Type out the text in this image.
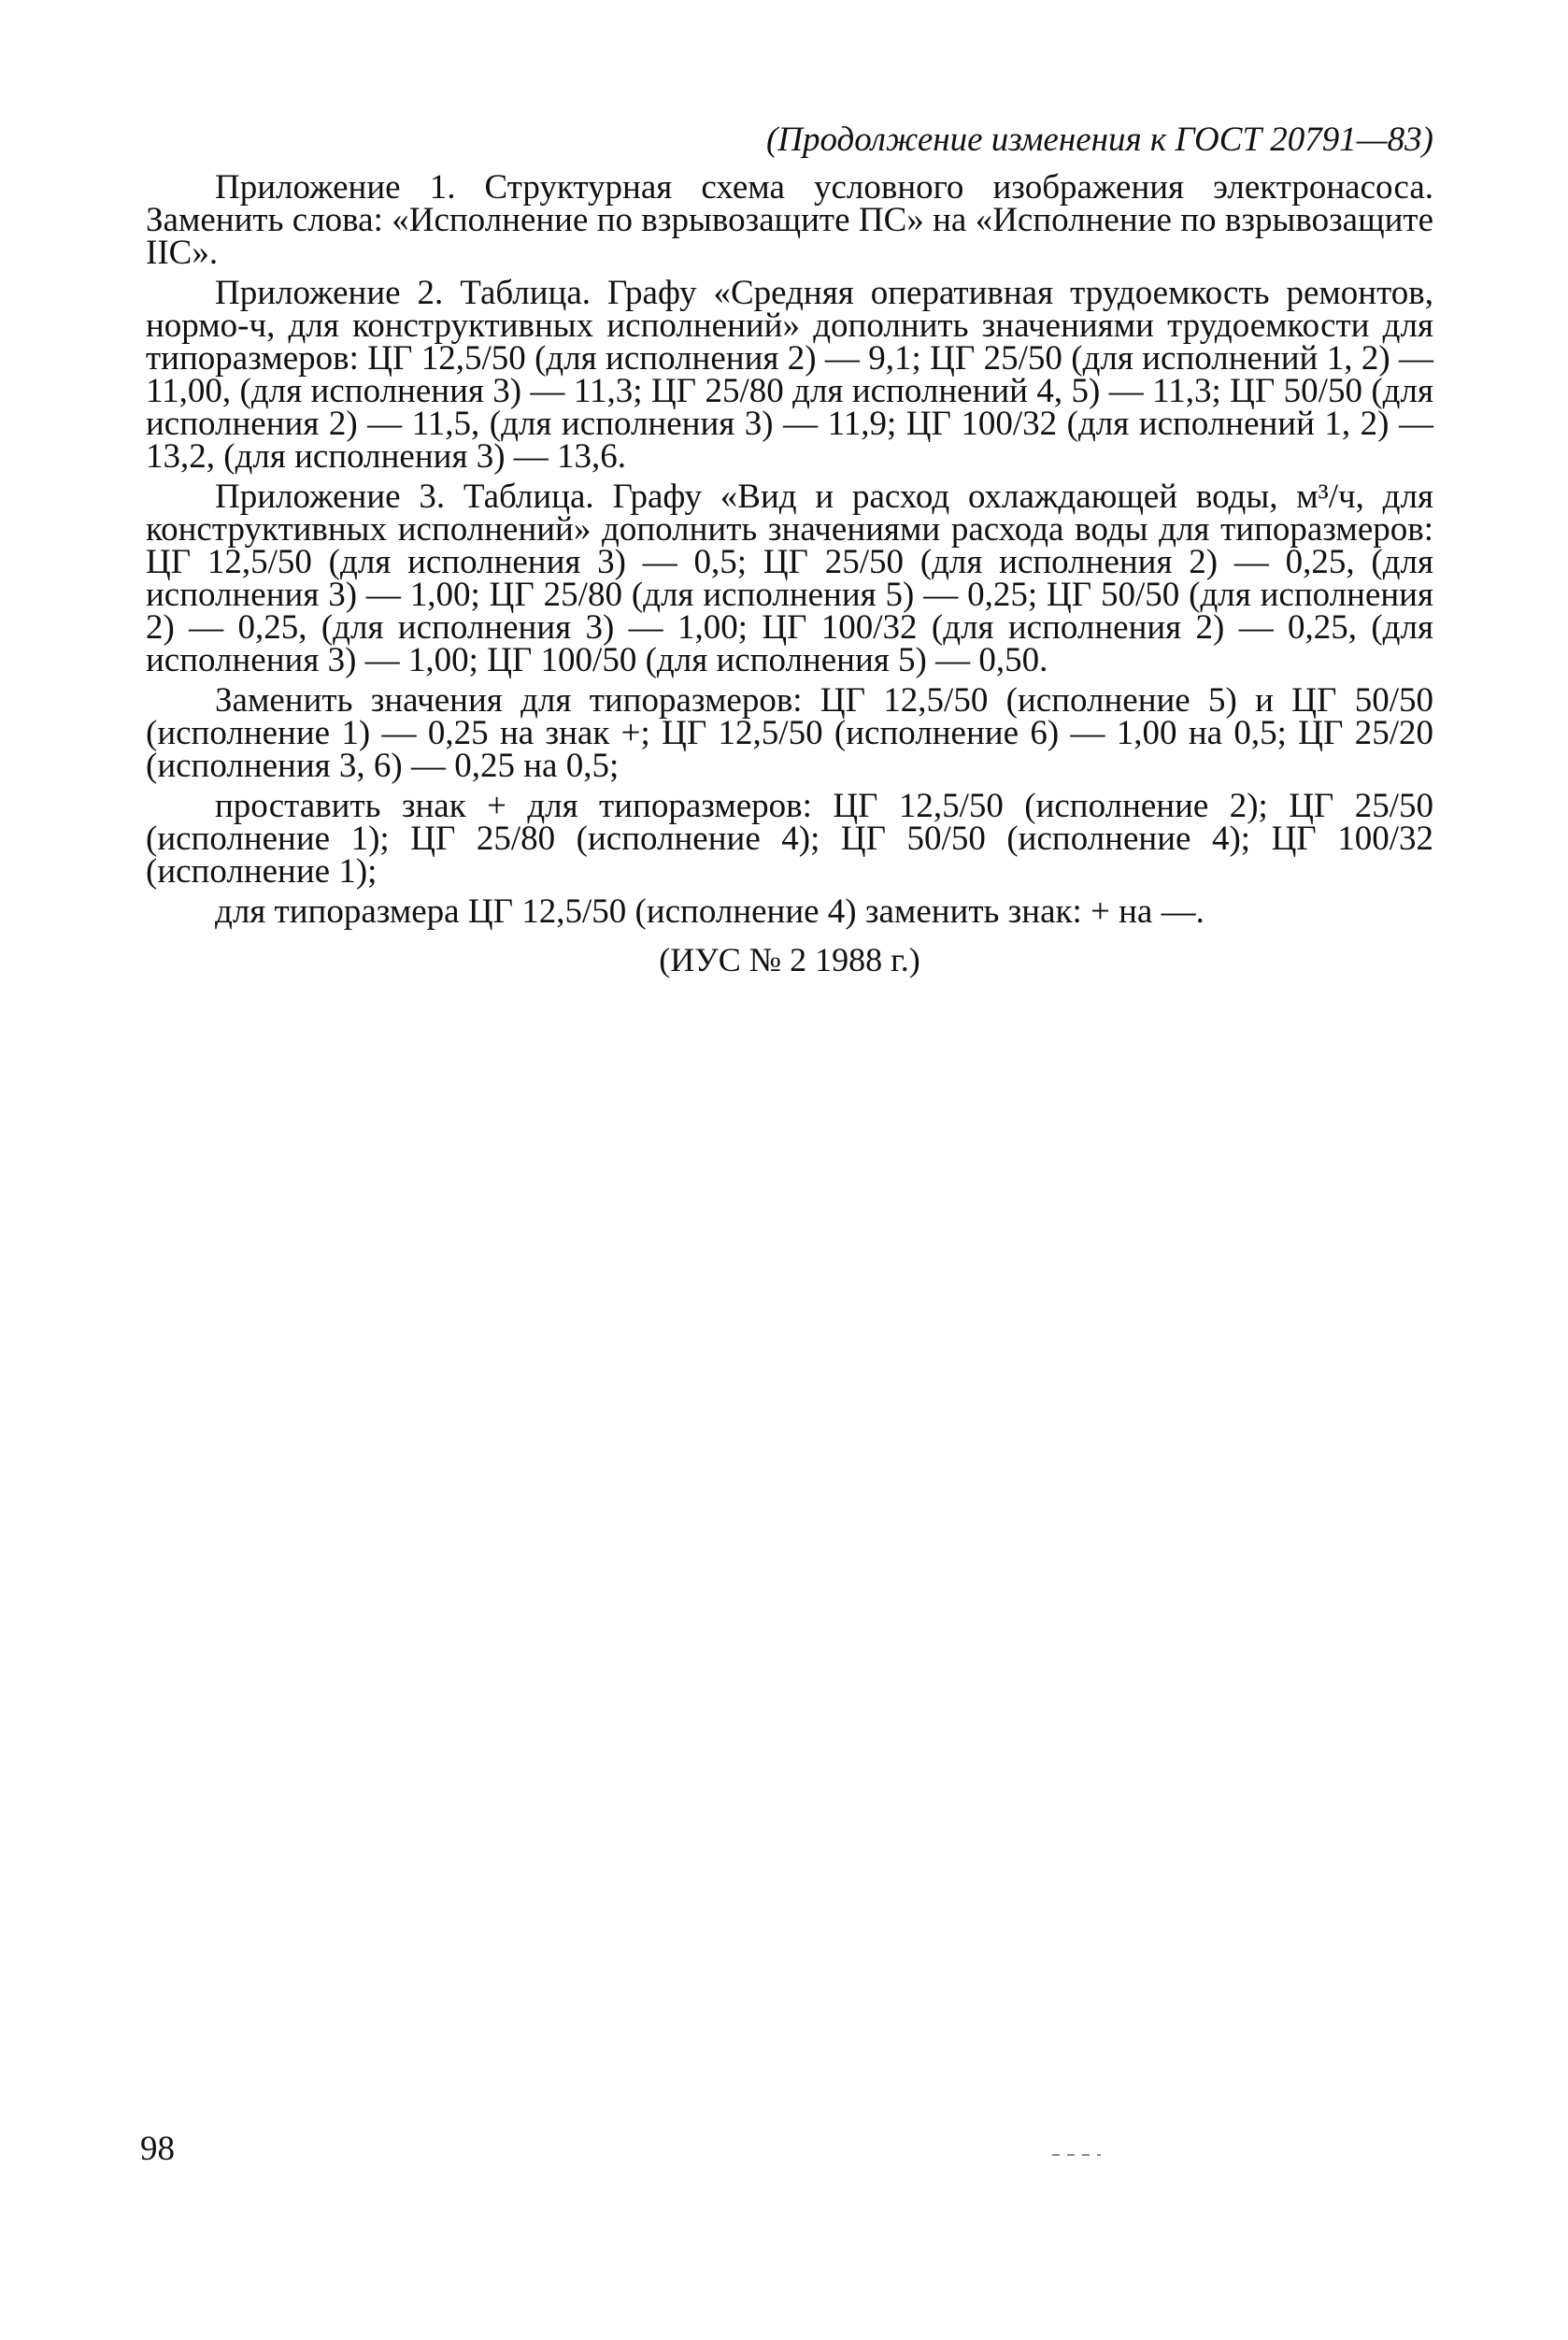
(Продолжение изменения к ГОСТ 20791—83)

Приложение 1. Структурная схема условного изображения электронасоса. Заменить слова: «Исполнение по взрывозащите ПС» на «Исполнение по взрывозащите IIC».

Приложение 2. Таблица. Графу «Средняя оперативная трудоемкость ремонтов, нормо-ч, для конструктивных исполнений» дополнить значениями трудоемкости для типоразмеров: ЦГ 12,5/50 (для исполнения 2) — 9,1; ЦГ 25/50 (для исполнений 1, 2) — 11,00, (для исполнения 3) — 11,3; ЦГ 25/80 для исполнений 4, 5) — 11,3; ЦГ 50/50 (для исполнения 2) — 11,5, (для исполнения 3) — 11,9; ЦГ 100/32 (для исполнений 1, 2) — 13,2, (для исполнения 3) — 13,6.

Приложение 3. Таблица. Графу «Вид и расход охлаждающей воды, м³/ч, для конструктивных исполнений» дополнить значениями расхода воды для типоразмеров: ЦГ 12,5/50 (для исполнения 3) — 0,5; ЦГ 25/50 (для исполнения 2) — 0,25, (для исполнения 3) — 1,00; ЦГ 25/80 (для исполнения 5) — 0,25; ЦГ 50/50 (для исполнения 2) — 0,25, (для исполнения 3) — 1,00; ЦГ 100/32 (для исполнения 2) — 0,25, (для исполнения 3) — 1,00; ЦГ 100/50 (для исполнения 5) — 0,50.

Заменить значения для типоразмеров: ЦГ 12,5/50 (исполнение 5) и ЦГ 50/50 (исполнение 1) — 0,25 на знак +; ЦГ 12,5/50 (исполнение 6) — 1,00 на 0,5; ЦГ 25/20 (исполнения 3, 6) — 0,25 на 0,5;

проставить знак + для типоразмеров: ЦГ 12,5/50 (исполнение 2); ЦГ 25/50 (исполнение 1); ЦГ 25/80 (исполнение 4); ЦГ 50/50 (исполнение 4); ЦГ 100/32 (исполнение 1);

для типоразмера ЦГ 12,5/50 (исполнение 4) заменить знак: + на —.

(ИУС № 2 1988 г.)

98
